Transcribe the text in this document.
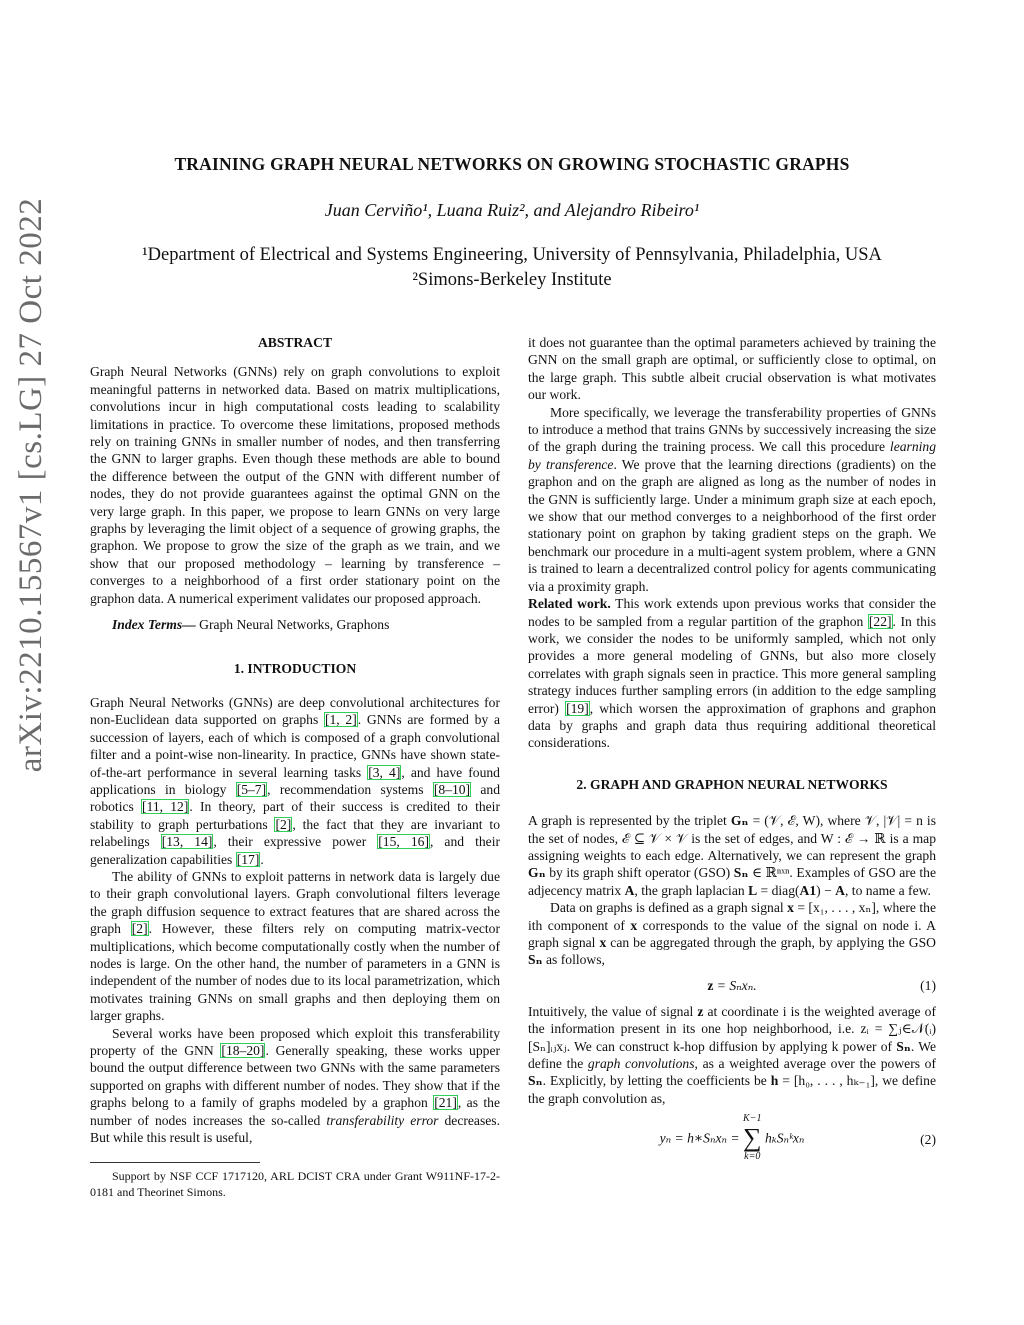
arXiv:2210.15567v1 [cs.LG] 27 Oct 2022
TRAINING GRAPH NEURAL NETWORKS ON GROWING STOCHASTIC GRAPHS
Juan Cerviño¹, Luana Ruiz², and Alejandro Ribeiro¹
¹Department of Electrical and Systems Engineering, University of Pennsylvania, Philadelphia, USA
²Simons-Berkeley Institute

ABSTRACT

Graph Neural Networks (GNNs) rely on graph convolutions to exploit meaningful patterns in networked data. Based on matrix multiplications, convolutions incur in high computational costs leading to scalability limitations in practice. To overcome these limitations, proposed methods rely on training GNNs in smaller number of nodes, and then transferring the GNN to larger graphs. Even though these methods are able to bound the difference between the output of the GNN with different number of nodes, they do not provide guarantees against the optimal GNN on the very large graph. In this paper, we propose to learn GNNs on very large graphs by leveraging the limit object of a sequence of growing graphs, the graphon. We propose to grow the size of the graph as we train, and we show that our proposed methodology – learning by transference – converges to a neighborhood of a first order stationary point on the graphon data. A numerical experiment validates our proposed approach.

Index Terms— Graph Neural Networks, Graphons

1. INTRODUCTION

Graph Neural Networks (GNNs) are deep convolutional architectures for non-Euclidean data supported on graphs [1, 2]. GNNs are formed by a succession of layers, each of which is composed of a graph convolutional filter and a point-wise non-linearity. In practice, GNNs have shown state-of-the-art performance in several learning tasks [3, 4], and have found applications in biology [5–7], recommendation systems [8–10] and robotics [11, 12]. In theory, part of their success is credited to their stability to graph perturbations [2], the fact that they are invariant to relabelings [13, 14], their expressive power [15, 16], and their generalization capabilities [17].

The ability of GNNs to exploit patterns in network data is largely due to their graph convolutional layers. Graph convolutional filters leverage the graph diffusion sequence to extract features that are shared across the graph [2]. However, these filters rely on computing matrix-vector multiplications, which become computationally costly when the number of nodes is large. On the other hand, the number of parameters in a GNN is independent of the number of nodes due to its local parametrization, which motivates training GNNs on small graphs and then deploying them on larger graphs.

Several works have been proposed which exploit this transferability property of the GNN [18–20]. Generally speaking, these works upper bound the output difference between two GNNs with the same parameters supported on graphs with different number of nodes. They show that if the graphs belong to a family of graphs modeled by a graphon [21], as the number of nodes increases the so-called transferability error decreases. But while this result is useful,

Support by NSF CCF 1717120, ARL DCIST CRA under Grant W911NF-17-2-0181 and Theorinet Simons.

it does not guarantee than the optimal parameters achieved by training the GNN on the small graph are optimal, or sufficiently close to optimal, on the large graph. This subtle albeit crucial observation is what motivates our work.

More specifically, we leverage the transferability properties of GNNs to introduce a method that trains GNNs by successively increasing the size of the graph during the training process. We call this procedure learning by transference. We prove that the learning directions (gradients) on the graphon and on the graph are aligned as long as the number of nodes in the GNN is sufficiently large. Under a minimum graph size at each epoch, we show that our method converges to a neighborhood of the first order stationary point on graphon by taking gradient steps on the graph. We benchmark our procedure in a multi-agent system problem, where a GNN is trained to learn a decentralized control policy for agents communicating via a proximity graph.

Related work. This work extends upon previous works that consider the nodes to be sampled from a regular partition of the graphon [22]. In this work, we consider the nodes to be uniformly sampled, which not only provides a more general modeling of GNNs, but also more closely correlates with graph signals seen in practice. This more general sampling strategy induces further sampling errors (in addition to the edge sampling error) [19], which worsen the approximation of graphons and graphon data by graphs and graph data thus requiring additional theoretical considerations.

2. GRAPH AND GRAPHON NEURAL NETWORKS

A graph is represented by the triplet Gₙ = (𝒱, ℰ, W), where 𝒱, |𝒱| = n is the set of nodes, ℰ ⊆ 𝒱 × 𝒱 is the set of edges, and W : ℰ → ℝ is a map assigning weights to each edge. Alternatively, we can represent the graph Gₙ by its graph shift operator (GSO) Sₙ ∈ ℝⁿˣⁿ. Examples of GSO are the adjecency matrix A, the graph laplacian L = diag(A1) − A, to name a few.

Data on graphs is defined as a graph signal x = [x₁, . . . , xₙ], where the ith component of x corresponds to the value of the signal on node i. A graph signal x can be aggregated through the graph, by applying the GSO Sₙ as follows,

z = Sₙxₙ.	(1)

Intuitively, the value of signal z at coordinate i is the weighted average of the information present in its one hop neighborhood, i.e. zᵢ = ∑ⱼ∈𝒩(ᵢ)[Sₙ]ᵢⱼxⱼ. We can construct k-hop diffusion by applying k power of Sₙ. We define the graph convolutions, as a weighted average over the powers of Sₙ. Explicitly, by letting the coefficients be h = [h₀, . . . , hₖ₋₁], we define the graph convolution as,

yₙ = h∗Sₙxₙ =
K−1
∑
k=0
hₖSₙᵏxₙ	(2)
